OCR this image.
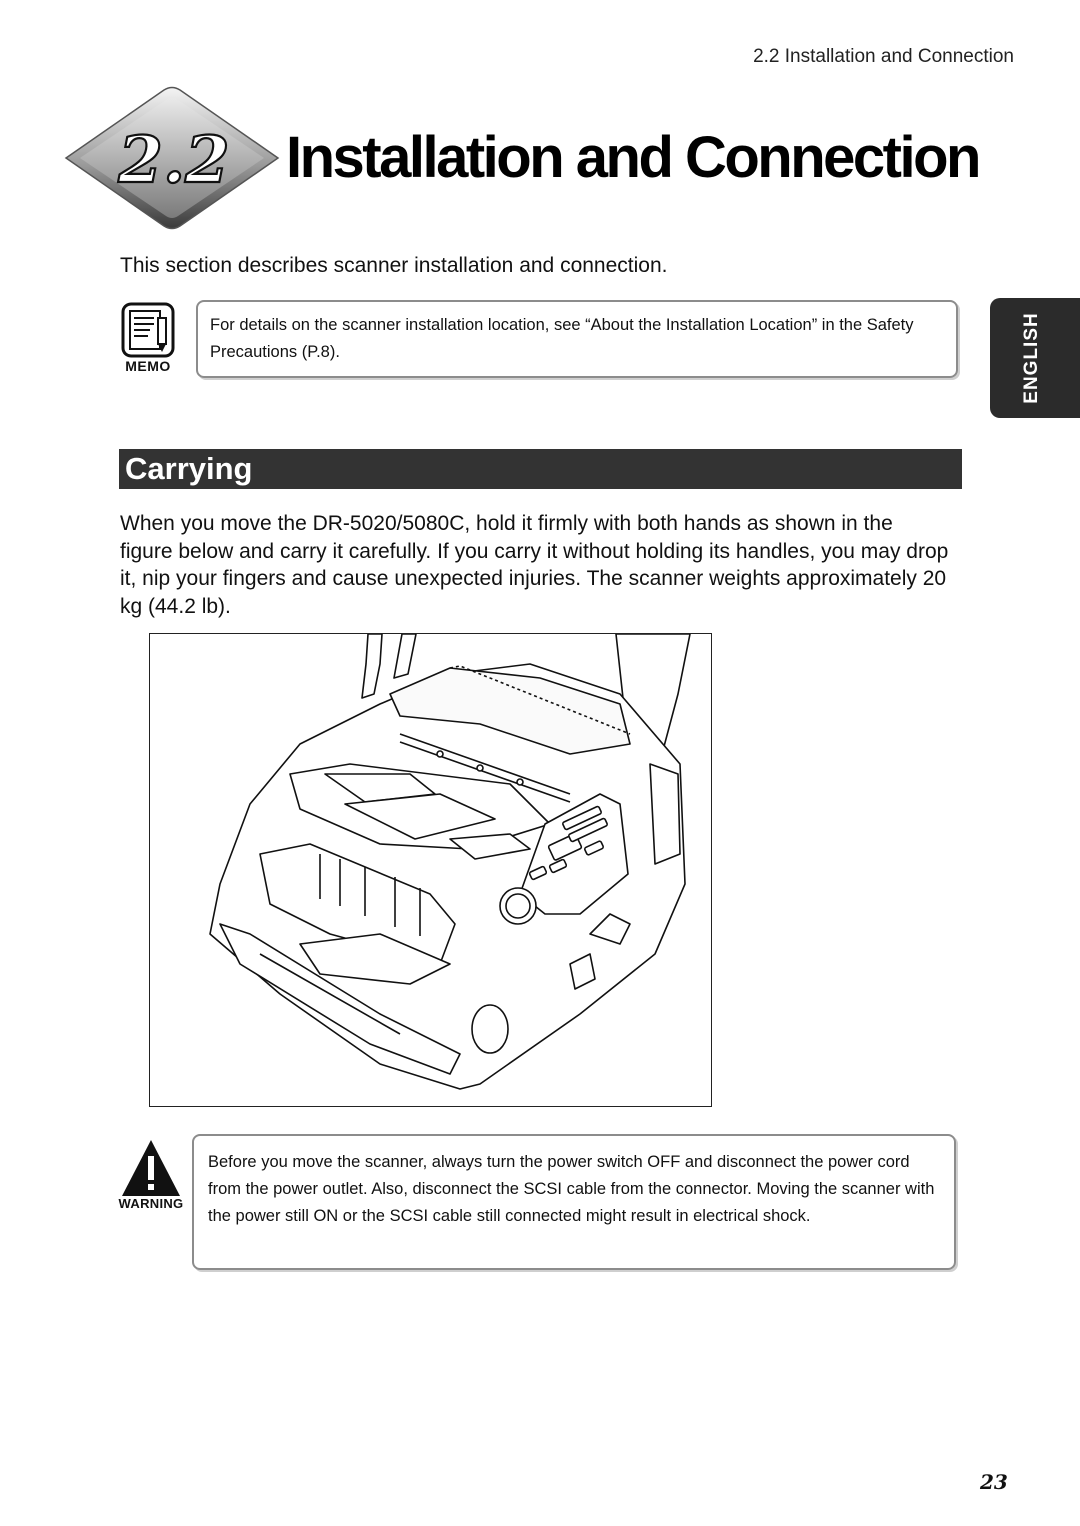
2.2 Installation and Connection
2.2 Installation and Connection
This section describes scanner installation and connection.
MEMO
For details on the scanner installation location, see “About the Installation Location” in the Safety Precautions (P.8).	ENGLISH
Carrying
When you move the DR-5020/5080C, hold it firmly with both hands as shown in the figure below and carry it carefully. If you carry it without holding its handles, you may drop it, nip your fingers and cause unexpected injuries. The scanner weights approximately 20 kg (44.2 lb).
WARNING
Before you move the scanner, always turn the power switch OFF and disconnect the power cord from the power outlet. Also, disconnect the SCSI cable from the connector. Moving the scanner with the power still ON or the SCSI cable still connected might result in electrical shock.
23
